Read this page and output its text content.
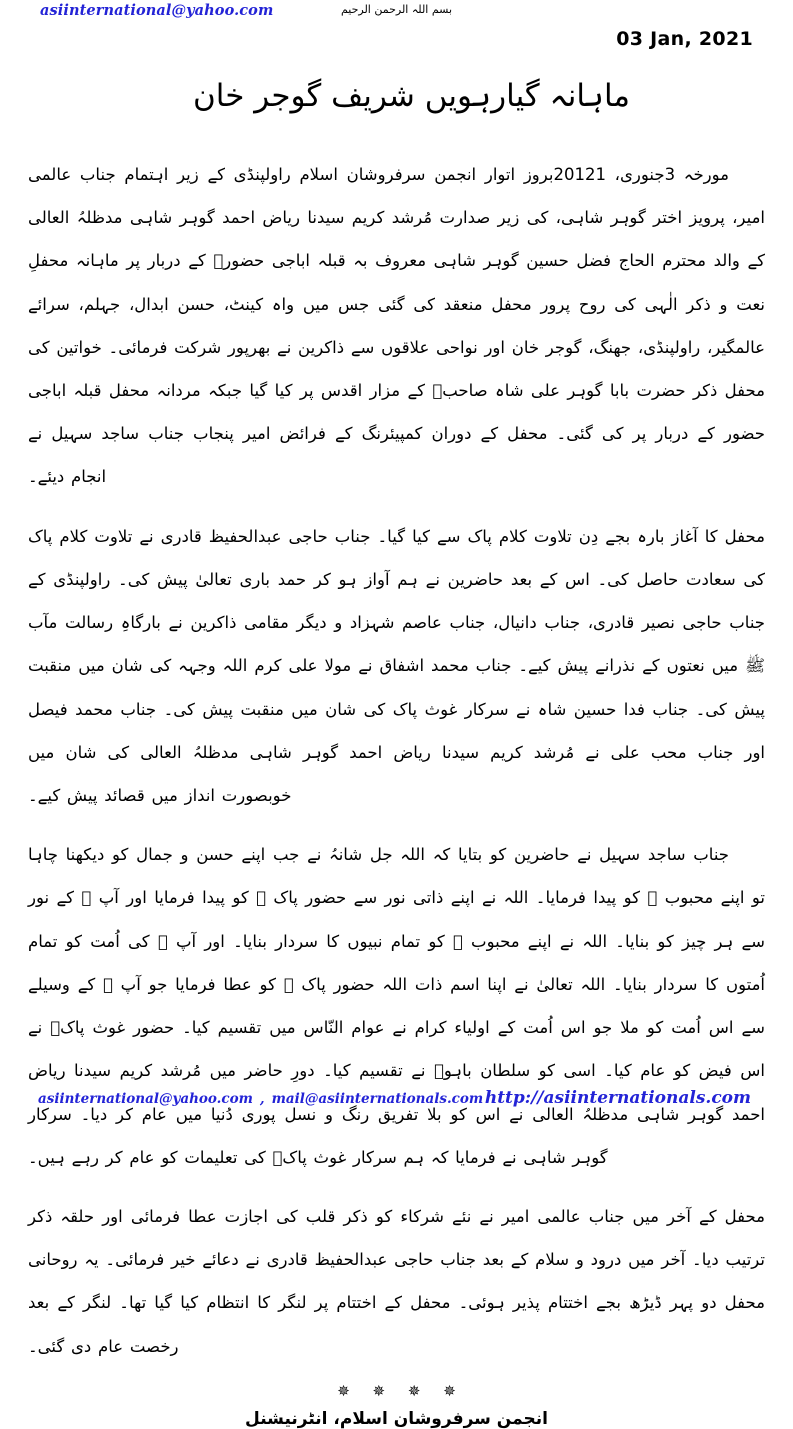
asiinternational@yahoo.com	بسم اللہ الرحمن الرحیم
03 Jan, 2021
ماہانہ گیارہویں شریف گوجر خان

مورخہ 3جنوری، 20121بروز اتوار انجمن سرفروشان اسلام راولپنڈی کے زیر اہتمام جناب عالمی امیر، پرویز اختر گوہر شاہی، کی زیر صدارت مُرشد کریم سیدنا ریاض احمد گوہر شاہی مدظلہُ العالی کے والد محترم الحاج فضل حسین گوہر شاہی معروف بہ قبلہ اباجی حضورؒ کے دربار پر ماہانہ محفلِ نعت و ذکر الٰہی کی روح پرور محفل منعقد کی گئی جس میں واہ کینٹ، حسن ابدال، جہلم، سرائے عالمگیر، راولپنڈی، جھنگ، گوجر خان اور نواحی علاقوں سے ذاکرین نے بھرپور شرکت فرمائی۔ خواتین کی محفل ذکر حضرت بابا گوہر علی شاہ صاحبؒ کے مزار اقدس پر کیا گیا جبکہ مردانہ محفل قبلہ اباجی حضور کے دربار پر کی گئی۔ محفل کے دوران کمپیئرنگ کے فرائض امیر پنجاب جناب ساجد سہیل نے انجام دیئے۔

محفل کا آغاز بارہ بجے دِن تلاوت کلام پاک سے کیا گیا۔ جناب حاجی عبدالحفیظ قادری نے تلاوت کلام پاک کی سعادت حاصل کی۔ اس کے بعد حاضرین نے ہم آواز ہو کر حمد باری تعالیٰ پیش کی۔ راولپنڈی کے جناب حاجی نصیر قادری، جناب دانیال، جناب عاصم شہزاد و دیگر مقامی ذاکرین نے بارگاہِ رسالت مآب ﷺ میں نعتوں کے نذرانے پیش کیے۔ جناب محمد اشفاق نے مولا علی کرم اللہ وجہہ کی شان میں منقبت پیش کی۔ جناب فدا حسین شاہ نے سرکار غوث پاک کی شان میں منقبت پیش کی۔ جناب محمد فیصل اور جناب محب علی نے مُرشد کریم سیدنا ریاض احمد گوہر شاہی مدظلہُ العالی کی شان میں خوبصورت انداز میں قصائد پیش کیے۔

جناب ساجد سہیل نے حاضرین کو بتایا کہ اللہ جل شانہُ نے جب اپنے حسن و جمال کو دیکھنا چاہا تو اپنے محبوب ﷺ کو پیدا فرمایا۔ اللہ نے اپنے ذاتی نور سے حضور پاک ﷺ کو پیدا فرمایا اور آپ ﷺ کے نور سے ہر چیز کو بنایا۔ اللہ نے اپنے محبوب ﷺ کو تمام نبیوں کا سردار بنایا۔ اور آپ ﷺ کی اُمت کو تمام اُمتوں کا سردار بنایا۔ اللہ تعالیٰ نے اپنا اسم ذات اللہ حضور پاک ﷺ کو عطا فرمایا جو آپ ﷺ کے وسیلے سے اس اُمت کو ملا جو اس اُمت کے اولیاء کرام نے عوام النّاس میں تقسیم کیا۔ حضور غوث پاکؒ نے اس فیض کو عام کیا۔ اسی کو سلطان باہوؒ نے تقسیم کیا۔ دورِ حاضر میں مُرشد کریم سیدنا ریاض احمد گوہر شاہی مدظلہُ العالی نے اس کو بلا تفریق رنگ و نسل پوری دُنیا میں عام کر دیا۔ سرکار گوہر شاہی نے فرمایا کہ ہم سرکار غوث پاکؒ کی تعلیمات کو عام کر رہے ہیں۔

محفل کے آخر میں جناب عالمی امیر نے نئے شرکاء کو ذکر قلب کی اجازت عطا فرمائی اور حلقہ ذکر ترتیب دیا۔ آخر میں درود و سلام کے بعد جناب حاجی عبدالحفیظ قادری نے دعائے خیر فرمائی۔ یہ روحانی محفل دو پہر ڈیڑھ بجے اختتام پذیر ہوئی۔ محفل کے اختتام پر لنگر کا انتظام کیا گیا تھا۔ لنگر کے بعد رخصت عام دی گئی۔

✵ ✵ ✵ ✵
انجمن سرفروشان اسلام، انٹرنیشنل
asiinternational@yahoo.com , mail@asiinternationals.com http://asiinternationals.com
